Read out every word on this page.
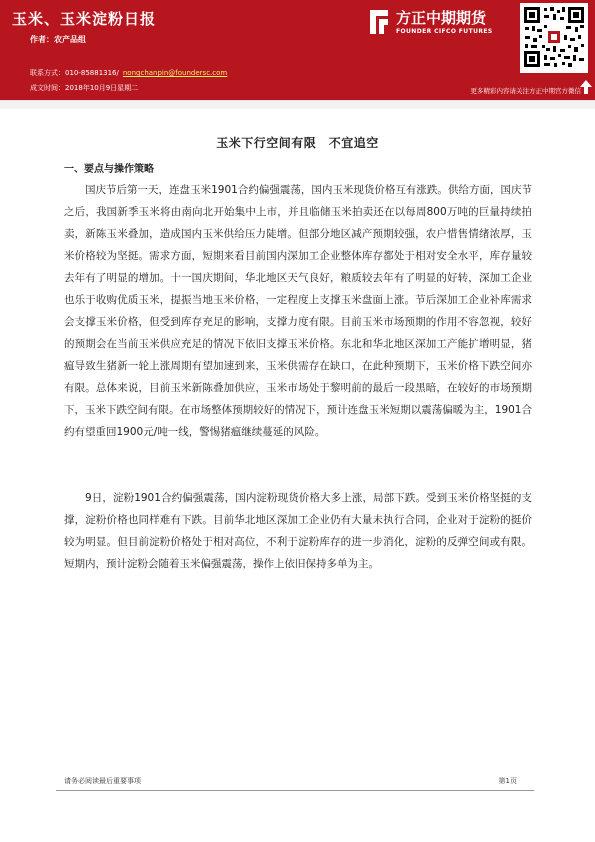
玉米、玉米淀粉日报
作者：农产品组
联系方式：010-85881316/ nongchanpin@foundersc.com
成文时间：2018年10月9日星期二
方正中期期货
FOUNDER CIFCO FUTURES
更多精彩内容请关注方正中期官方微信
玉米下行空间有限　不宜追空
一、要点与操作策略

国庆节后第一天，连盘玉米1901合约偏强震荡，国内玉米现货价格互有涨跌。供给方面，国庆节之后，我国新季玉米将由南向北开始集中上市，并且临储玉米拍卖还在以每周800万吨的巨量持续拍卖，新陈玉米叠加，造成国内玉米供给压力陡增。但部分地区减产预期较强，农户惜售情绪浓厚，玉米价格较为坚挺。需求方面，短期来看目前国内深加工企业整体库存都处于相对安全水平，库存量较去年有了明显的增加。十一国庆期间，华北地区天气良好，粮质较去年有了明显的好转，深加工企业也乐于收购优质玉米，提振当地玉米价格，一定程度上支撑玉米盘面上涨。节后深加工企业补库需求会支撑玉米价格，但受到库存充足的影响，支撑力度有限。目前玉米市场预期的作用不容忽视，较好的预期会在当前玉米供应充足的情况下依旧支撑玉米价格。东北和华北地区深加工产能扩增明显，猪瘟导致生猪新一轮上涨周期有望加速到来，玉米供需存在缺口，在此种预期下，玉米价格下跌空间亦有限。总体来说，目前玉米新陈叠加供应，玉米市场处于黎明前的最后一段黑暗，在较好的市场预期下，玉米下跌空间有限。在市场整体预期较好的情况下，预计连盘玉米短期以震荡偏暖为主，1901合约有望重回1900元/吨一线，警惕猪瘟继续蔓延的风险。

9日，淀粉1901合约偏强震荡，国内淀粉现货价格大多上涨，局部下跌。受到玉米价格坚挺的支撑，淀粉价格也同样难有下跌。目前华北地区深加工企业仍有大量未执行合同，企业对于淀粉的挺价较为明显。但目前淀粉价格处于相对高位，不利于淀粉库存的进一步消化，淀粉的反弹空间或有限。短期内，预计淀粉会随着玉米偏强震荡，操作上依旧保持多单为主。

请务必阅读最后重要事项	第1页
